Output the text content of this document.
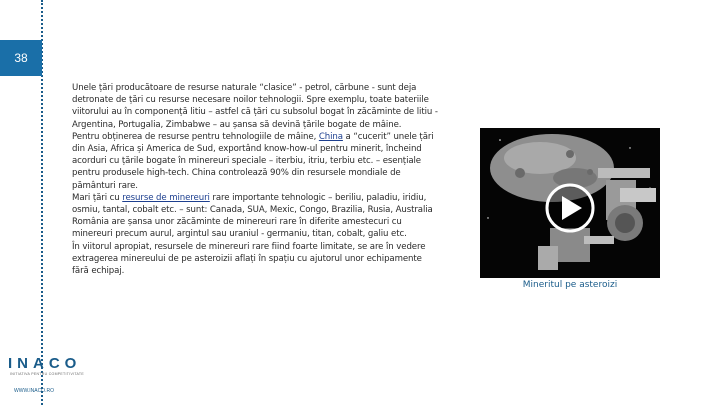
38

Unele țări producătoare de resurse naturale “clasice” - petrol, cărbune - sunt deja detronate de țări cu resurse necesare noilor tehnologii. Spre exemplu, toate bateriile viitorului au în componență litiu – astfel că țări cu subsolul bogat în zăcăminte de litiu - Argentina, Portugalia, Zimbabwe – au șansa să devină țările bogate de mâine.

Pentru obținerea de resurse pentru tehnologiile de mâine, China a “cucerit” unele țări din Asia, Africa și America de Sud, exportând know-how-ul pentru minerit, încheind acorduri cu țările bogate în minereuri speciale – iterbiu, itriu, terbiu etc. – esențiale pentru produsele high-tech. China controlează 90% din resursele mondiale de pământuri rare.

Mari țări cu resurse de minereuri rare importante tehnologic – beriliu, paladiu, iridiu, osmiu, tantal, cobalt etc. – sunt: Canada, SUA, Mexic, Congo, Brazilia, Rusia, Australia

România are șansa unor zăcăminte de minereuri rare în diferite amestecuri cu minereuri precum aurul, argintul sau uraniul - germaniu, titan, cobalt, galiu etc.

În viitorul apropiat, resursele de minereuri rare fiind foarte limitate, se are în vedere extragerea minereului de pe asteroizii aflați în spațiu cu ajutorul unor echipamente fără echipaj.

Mineritul pe asteroizi
INACO
INITIATIVA PENTRU COMPETITIVITATE
WWW.INACO.RO
